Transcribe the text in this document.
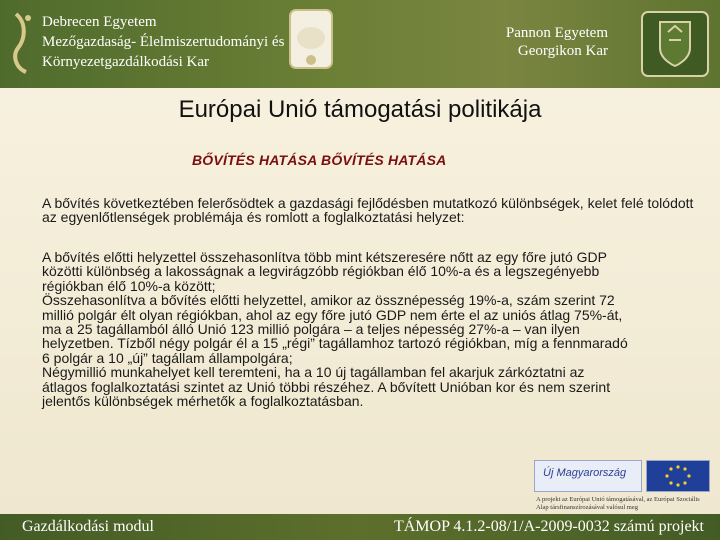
Debrecen Egyetem
Mezőgazdaság- Élelmiszertudományi és
Környezetgazdálkodási Kar
Pannon Egyetem
Georgikon Kar
Európai Unió támogatási politikája
BŐVÍTÉS HATÁSA BŐVÍTÉS HATÁSA
A bővítés következtében felerősödtek a gazdasági fejlődésben mutatkozó különbségek, kelet felé tolódott az egyenlőtlenségek problémája és romlott a foglalkoztatási helyzet:
A bővítés előtti helyzettel összehasonlítva több mint kétszeresére nőtt az egy főre jutó GDP
közötti különbség a lakosságnak a legvirágzóbb régiókban élő 10%-a és a legszegényebb
régiókban élő 10%-a között;
Összehasonlítva a bővítés előtti helyzettel, amikor az össznépesség 19%-a, szám szerint 72
millió polgár élt olyan régiókban, ahol az egy főre jutó GDP nem érte el az uniós átlag 75%-át,
ma a 25 tagállamból álló Unió 123 millió polgára – a teljes népesség 27%-a – van ilyen
helyzetben. Tízből négy polgár él a 15 „régi” tagállamhoz tartozó régiókban, míg a fennmaradó
6 polgár a 10 „új” tagállam állampolgára;
Négymillió munkahelyet kell teremteni, ha a 10 új tagállamban fel akarjuk zárkóztatni az
átlagos foglalkoztatási szintet az Unió többi részéhez. A bővített Unióban kor és nem szerint
jelentős különbségek mérhetők a foglalkoztatásban.
Új Magyarország
A projekt az Európai Unió támogatásával, az Európai Szociális Alap társfinanszírozásával valósul meg
Gazdálkodási modul	TÁMOP 4.1.2-08/1/A-2009-0032 számú projekt
